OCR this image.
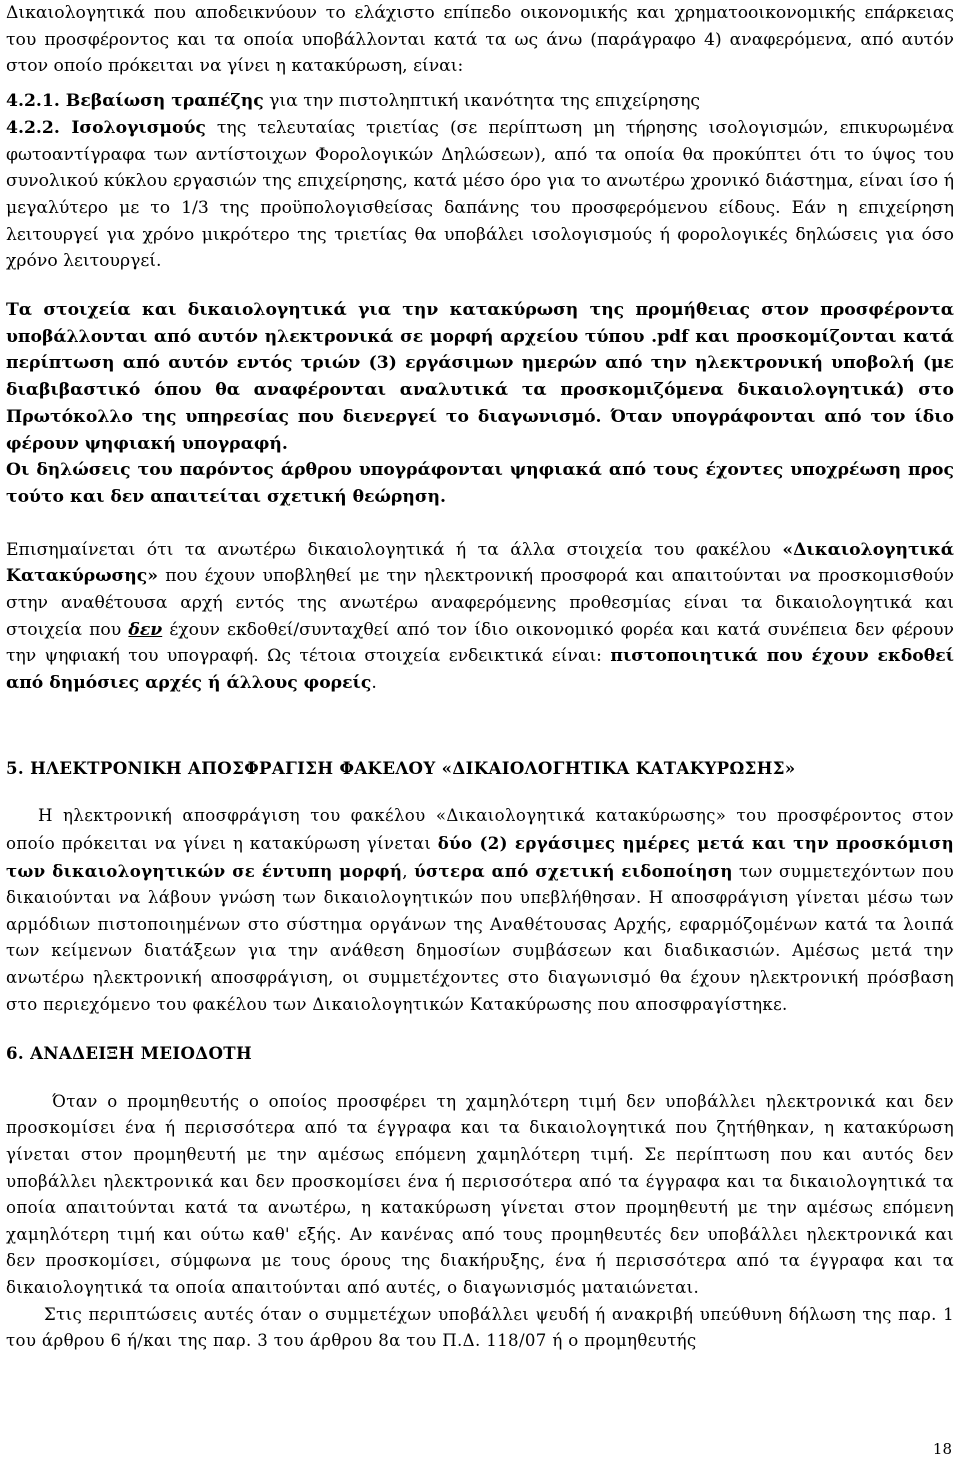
Δικαιολογητικά που αποδεικνύουν το ελάχιστο επίπεδο οικονομικής και χρηματοοικονομικής επάρκειας του προσφέροντος και τα οποία υποβάλλονται κατά τα ως άνω (παράγραφο 4) αναφερόμενα, από αυτόν στον οποίο πρόκειται να γίνει η κατακύρωση, είναι:

4.2.1. Βεβαίωση τραπέζης για την πιστοληπτική ικανότητα της επιχείρησης

4.2.2. Ισολογισμούς της τελευταίας τριετίας (σε περίπτωση μη τήρησης ισολογισμών, επικυρωμένα φωτοαντίγραφα των αντίστοιχων Φορολογικών Δηλώσεων), από τα οποία θα προκύπτει ότι το ύψος του συνολικού κύκλου εργασιών της επιχείρησης, κατά μέσο όρο για το ανωτέρω χρονικό διάστημα, είναι ίσο ή μεγαλύτερο με το 1/3 της προϋπολογισθείσας δαπάνης του προσφερόμενου είδους. Εάν η επιχείρηση λειτουργεί για χρόνο μικρότερο της τριετίας θα υποβάλει ισολογισμούς ή φορολογικές δηλώσεις για όσο χρόνο λειτουργεί.

Τα στοιχεία και δικαιολογητικά για την κατακύρωση της προμήθειας στον προσφέροντα υποβάλλονται από αυτόν ηλεκτρονικά σε μορφή αρχείου τύπου .pdf και προσκομίζονται κατά περίπτωση από αυτόν εντός τριών (3) εργάσιμων ημερών από την ηλεκτρονική υποβολή (με διαβιβαστικό όπου θα αναφέρονται αναλυτικά τα προσκομιζόμενα δικαιολογητικά) στο Πρωτόκολλο της υπηρεσίας που διενεργεί το διαγωνισμό. Όταν υπογράφονται από τον ίδιο φέρουν ψηφιακή υπογραφή.

Οι δηλώσεις του παρόντος άρθρου υπογράφονται ψηφιακά από τους έχοντες υποχρέωση προς τούτο και δεν απαιτείται σχετική θεώρηση.

Επισημαίνεται ότι τα ανωτέρω δικαιολογητικά ή τα άλλα στοιχεία του φακέλου «Δικαιολογητικά Κατακύρωσης» που έχουν υποβληθεί με την ηλεκτρονική προσφορά και απαιτούνται να προσκομισθούν στην αναθέτουσα αρχή εντός της ανωτέρω αναφερόμενης προθεσμίας είναι τα δικαιολογητικά και στοιχεία που δεν έχουν εκδοθεί/συνταχθεί από τον ίδιο οικονομικό φορέα και κατά συνέπεια δεν φέρουν την ψηφιακή του υπογραφή. Ως τέτοια στοιχεία ενδεικτικά είναι: πιστοποιητικά που έχουν εκδοθεί από δημόσιες αρχές ή άλλους φορείς.

5. ΗΛΕΚΤΡΟΝΙΚΗ ΑΠΟΣΦΡΑΓΙΣΗ ΦΑΚΕΛΟΥ «ΔΙΚΑΙΟΛΟΓΗΤΙΚΑ ΚΑΤΑΚΥΡΩΣΗΣ»

Η ηλεκτρονική αποσφράγιση του φακέλου «Δικαιολογητικά κατακύρωσης» του προσφέροντος στον οποίο πρόκειται να γίνει η κατακύρωση γίνεται δύο (2) εργάσιμες ημέρες μετά και την προσκόμιση των δικαιολογητικών σε έντυπη μορφή, ύστερα από σχετική ειδοποίηση των συμμετεχόντων που δικαιούνται να λάβουν γνώση των δικαιολογητικών που υπεβλήθησαν. Η αποσφράγιση γίνεται μέσω των αρμόδιων πιστοποιημένων στο σύστημα οργάνων της Αναθέτουσας Αρχής, εφαρμόζομένων κατά τα λοιπά των κείμενων διατάξεων για την ανάθεση δημοσίων συμβάσεων και διαδικασιών. Αμέσως μετά την ανωτέρω ηλεκτρονική αποσφράγιση, οι συμμετέχοντες στο διαγωνισμό θα έχουν ηλεκτρονική πρόσβαση στο περιεχόμενο του φακέλου των Δικαιολογητικών Κατακύρωσης που αποσφραγίστηκε.

6. ΑΝΑΔΕΙΞΗ ΜΕΙΟΔΟΤΗ

Όταν ο προμηθευτής ο οποίος προσφέρει τη χαμηλότερη τιμή δεν υποβάλλει ηλεκτρονικά και δεν προσκομίσει ένα ή περισσότερα από τα έγγραφα και τα δικαιολογητικά που ζητήθηκαν, η κατακύρωση γίνεται στον προμηθευτή με την αμέσως επόμενη χαμηλότερη τιμή. Σε περίπτωση που και αυτός δεν υποβάλλει ηλεκτρονικά και δεν προσκομίσει ένα ή περισσότερα από τα έγγραφα και τα δικαιολογητικά τα οποία απαιτούνται κατά τα ανωτέρω, η κατακύρωση γίνεται στον προμηθευτή με την αμέσως επόμενη χαμηλότερη τιμή και ούτω καθ' εξής. Αν κανένας από τους προμηθευτές δεν υποβάλλει ηλεκτρονικά και δεν προσκομίσει, σύμφωνα με τους όρους της διακήρυξης, ένα ή περισσότερα από τα έγγραφα και τα δικαιολογητικά τα οποία απαιτούνται από αυτές, ο διαγωνισμός ματαιώνεται.

Στις περιπτώσεις αυτές όταν ο συμμετέχων υποβάλλει ψευδή ή ανακριβή υπεύθυνη δήλωση της παρ. 1 του άρθρου 6 ή/και της παρ. 3 του άρθρου 8α του Π.Δ. 118/07 ή ο προμηθευτής

18
